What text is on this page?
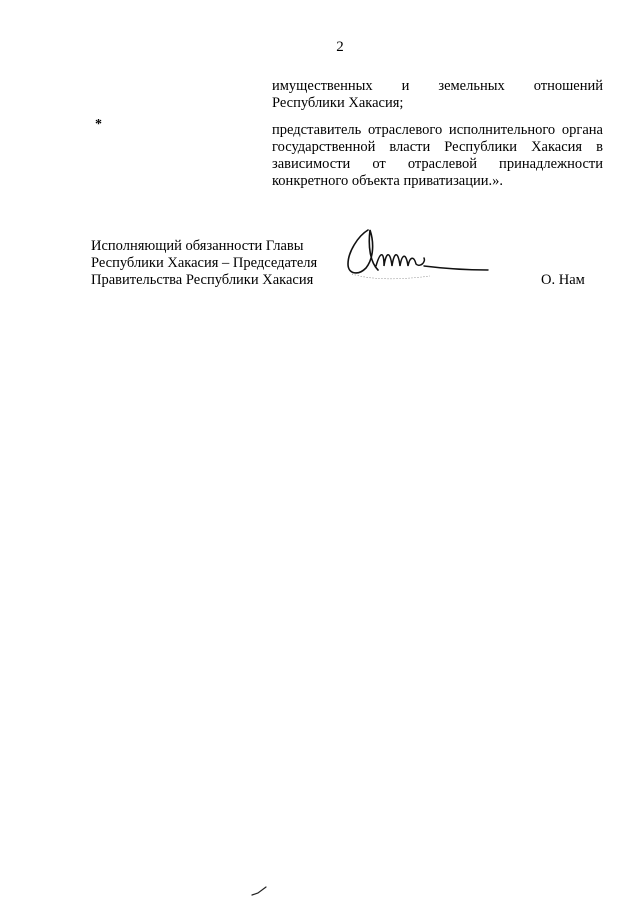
2
имущественных и земельных отношений Республики Хакасия;
*	представитель отраслевого исполнительного органа государственной власти Республики Хакасия в зависимости от отраслевой принадлежности конкретного объекта приватизации.».
Исполняющий обязанности Главы
Республики Хакасия – Председателя
Правительства Республики Хакасия	О. Нам
